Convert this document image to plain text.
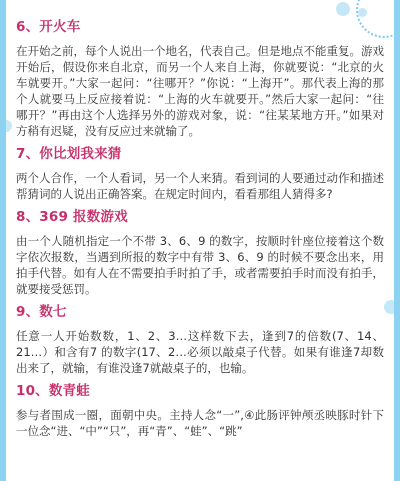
6、开火车

在开始之前，每个人说出一个地名，代表自己。但是地点不能重复。游戏开始后，假设你来自北京，而另一个人来自上海，你就要说：“北京的火车就要开。”大家一起问：“往哪开？”你说：“上海开”。那代表上海的那个人就要马上反应接着说：“上海的火车就要开。”然后大家一起问：“往哪开？”再由这个人选择另外的游戏对象，说：“往某某地方开。”如果对方稍有迟疑，没有反应过来就输了。

7、你比划我来猜

两个人合作，一个人看词，另一个人来猜。看到词的人要通过动作和描述帮猜词的人说出正确答案。在规定时间内，看看那组人猜得多?

8、369 报数游戏

由一个人随机指定一个不带 3、6、9 的数字，按顺时针座位接着这个数字依次报数，当遇到所报的数字中有带 3、6、9 的时候不要念出来，用拍手代替。如有人在不需要拍手时拍了手，或者需要拍手时而没有拍手，就要接受惩罚。

9、数七

任意一人开始数数，1、2、3…这样数下去，逢到7的倍数(7、14、21…）和含有7 的数字(17、2…必须以敲桌子代替。如果有谁逢7却数出来了，就输，有谁没逢7就敲桌子的，也输。

10、数青蛙

参与者围成一圈，面朝中央。主持人念“一”,④此肠评钟颅丞映豚时针下一位念“进、“中”“只”，再“青”、“蛙”、“跳”
